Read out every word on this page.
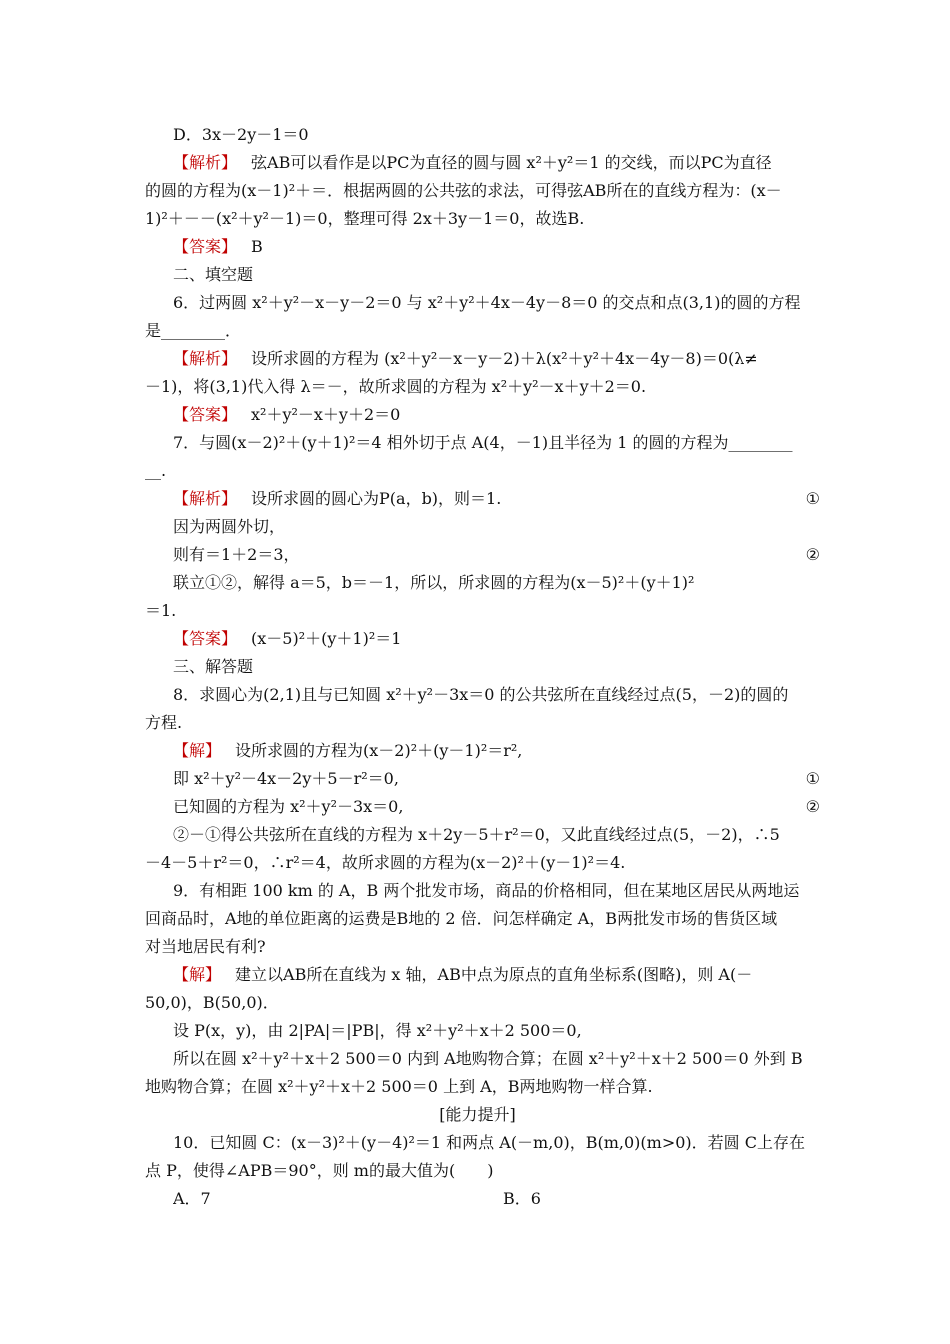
D．3x－2y－1＝0
【解析】 弦AB可以看作是以PC为直径的圆与圆 x²＋y²＝1 的交线，而以PC为直径
的圆的方程为(x－1)²＋＝．根据两圆的公共弦的求法，可得弦AB所在的直线方程为：(x－
1)²＋－－(x²＋y²－1)＝0，整理可得 2x＋3y－1＝0，故选B.
【答案】 B
二、填空题
6．过两圆 x²＋y²－x－y－2＝0 与 x²＋y²＋4x－4y－8＝0 的交点和点(3,1)的圆的方程
是________．
【解析】 设所求圆的方程为 (x²＋y²－x－y－2)＋λ(x²＋y²＋4x－4y－8)＝0(λ≠
－1)，将(3,1)代入得 λ＝－，故所求圆的方程为 x²＋y²－x＋y＋2＝0.
【答案】 x²＋y²－x＋y＋2＝0
7．与圆(x－2)²＋(y＋1)²＝4 相外切于点 A(4，－1)且半径为 1 的圆的方程为________
__.
【解析】 设所求圆的圆心为P(a，b)，则＝1.	①
因为两圆外切，
则有＝1＋2＝3，	②
联立①②，解得 a＝5，b＝－1，所以，所求圆的方程为(x－5)²＋(y＋1)²
＝1.
【答案】 (x－5)²＋(y＋1)²＝1
三、解答题
8．求圆心为(2,1)且与已知圆 x²＋y²－3x＝0 的公共弦所在直线经过点(5，－2)的圆的
方程.
【解】 设所求圆的方程为(x－2)²＋(y－1)²＝r²,
即 x²＋y²－4x－2y＋5－r²＝0,	①
已知圆的方程为 x²＋y²－3x＝0,	②
②－①得公共弦所在直线的方程为 x＋2y－5＋r²＝0，又此直线经过点(5，－2)，∴5
－4－5＋r²＝0，∴r²＝4，故所求圆的方程为(x－2)²＋(y－1)²＝4.
9．有相距 100 km 的 A，B 两个批发市场，商品的价格相同，但在某地区居民从两地运
回商品时，A地的单位距离的运费是B地的 2 倍．问怎样确定 A，B两批发市场的售货区域
对当地居民有利?
【解】 建立以AB所在直线为 x 轴，AB中点为原点的直角坐标系(图略)，则 A(－
50,0)，B(50,0)．
设 P(x，y)，由 2|PA|＝|PB|，得 x²＋y²＋x＋2 500＝0,
所以在圆 x²＋y²＋x＋2 500＝0 内到 A地购物合算；在圆 x²＋y²＋x＋2 500＝0 外到 B
地购物合算；在圆 x²＋y²＋x＋2 500＝0 上到 A，B两地购物一样合算.
[能力提升]
10．已知圆 C：(x－3)²＋(y－4)²＝1 和两点 A(－m,0)，B(m,0)(m>0)．若圆 C上存在
点 P，使得∠APB＝90°，则 m的最大值为(　　)
A．7	B．6
